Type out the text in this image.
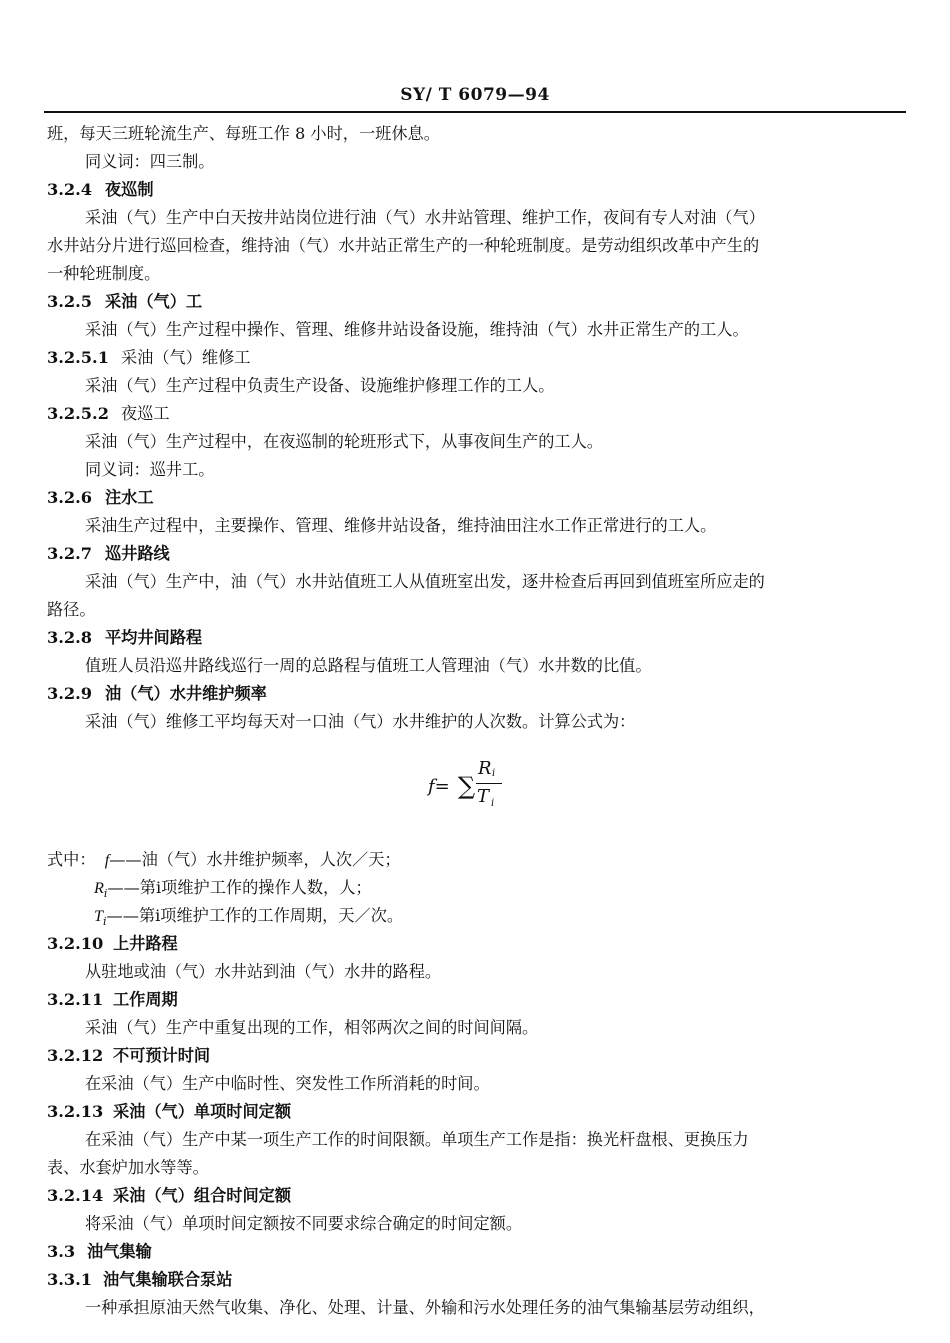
SY/ T 6079—94
班，每天三班轮流生产、每班工作 8 小时，一班休息。
同义词：四三制。
3.2.4 夜巡制
采油（气）生产中白天按井站岗位进行油（气）水井站管理、维护工作，夜间有专人对油（气）
水井站分片进行巡回检查，维持油（气）水井站正常生产的一种轮班制度。是劳动组织改革中产生的
一种轮班制度。
3.2.5 采油（气）工
采油（气）生产过程中操作、管理、维修井站设备设施，维持油（气）水井正常生产的工人。
3.2.5.1 采油（气）维修工
采油（气）生产过程中负责生产设备、设施维护修理工作的工人。
3.2.5.2 夜巡工
采油（气）生产过程中，在夜巡制的轮班形式下，从事夜间生产的工人。
同义词：巡井工。
3.2.6 注水工
采油生产过程中，主要操作、管理、维修井站设备，维持油田注水工作正常进行的工人。
3.2.7 巡井路线
采油（气）生产中，油（气）水井站值班工人从值班室出发，逐井检查后再回到值班室所应走的
路径。
3.2.8 平均井间路程
值班人员沿巡井路线巡行一周的总路程与值班工人管理油（气）水井数的比值。
3.2.9 油（气）水井维护频率
采油（气）维修工平均每天对一口油（气）水井维护的人次数。计算公式为：
f= ∑
R i
T i
式中： f——油（气）水井维护频率，人次／天；
$R_i——$第i项维护工作的操作人数，人；
$T_i——$第i项维护工作的工作周期，天／次。
3.2.10 上井路程
从驻地或油（气）水井站到油（气）水井的路程。
3.2.11 工作周期
采油（气）生产中重复出现的工作，相邻两次之间的时间间隔。
3.2.12 不可预计时间
在采油（气）生产中临时性、突发性工作所消耗的时间。
3.2.13 采油（气）单项时间定额
在采油（气）生产中某一项生产工作的时间限额。单项生产工作是指：换光杆盘根、更换压力
表、水套炉加水等等。
3.2.14 采油（气）组合时间定额
将采油（气）单项时间定额按不同要求综合确定的时间定额。
3.3 油气集输
3.3.1 油气集输联合泵站
一种承担原油天然气收集、净化、处理、计量、外输和污水处理任务的油气集输基层劳动组织，
